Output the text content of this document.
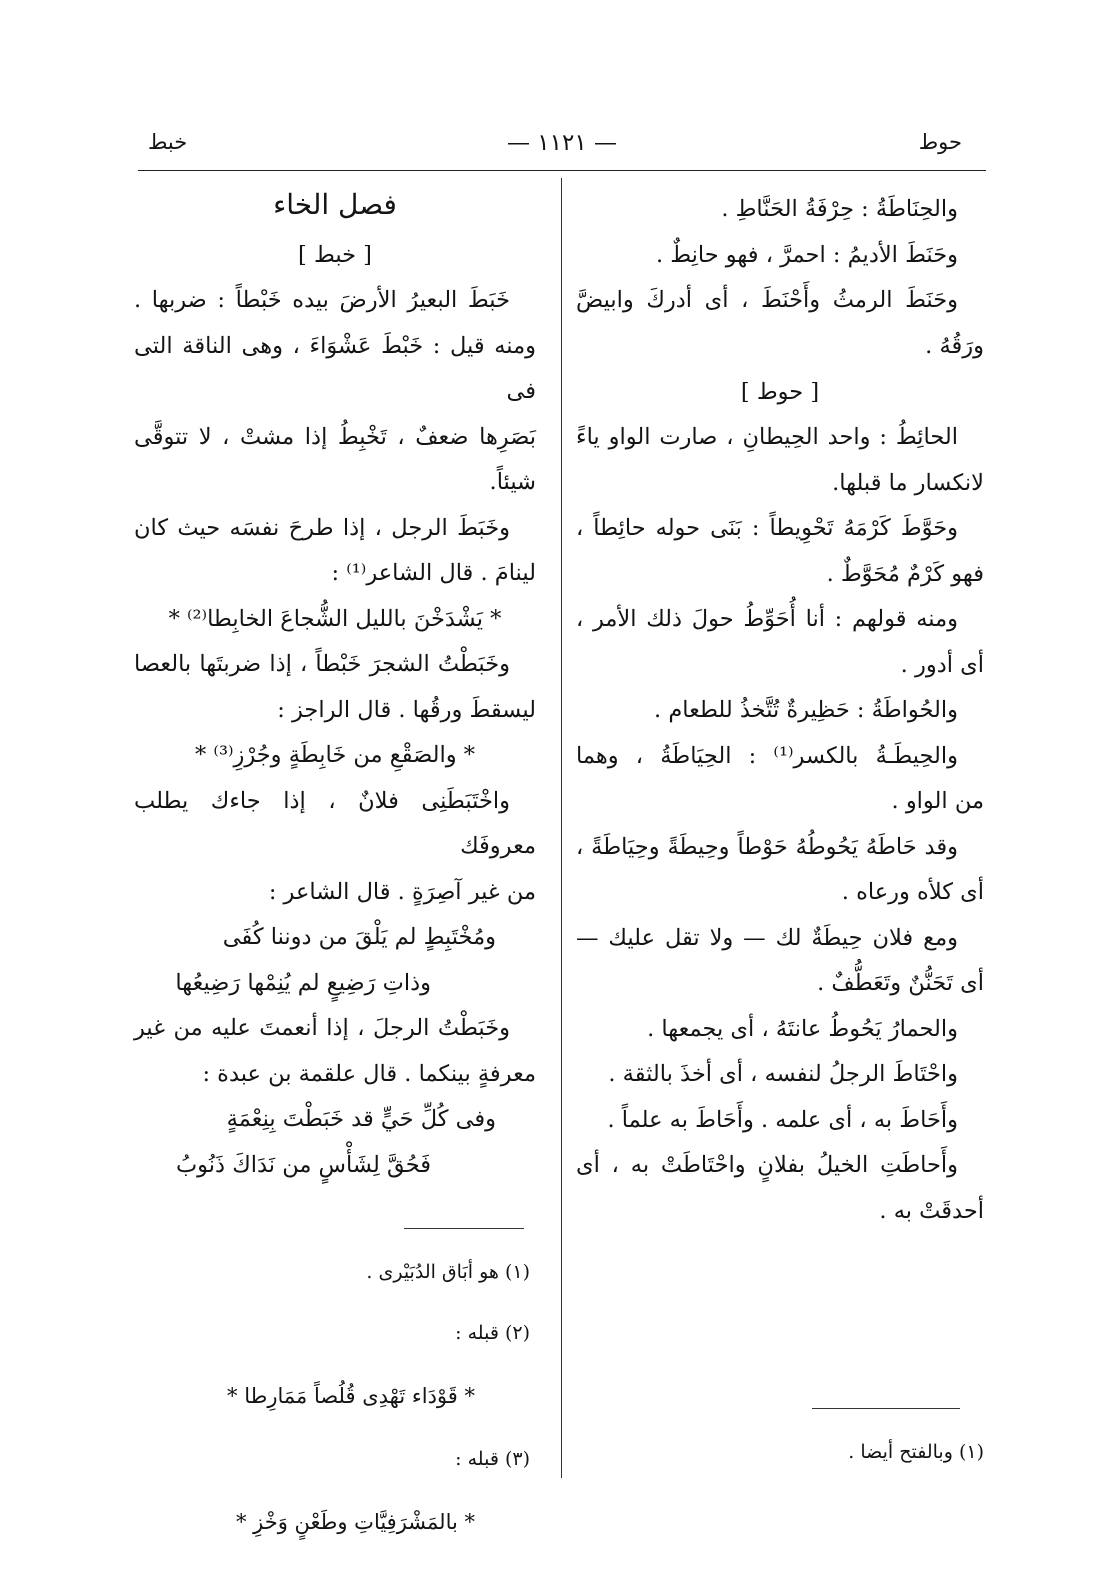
خبط	— ١١٢١ —	حوط

والحِنَاطَةُ : حِرْفَةُ الحَنَّاطِ .

وحَنَطَ الأديمُ : احمرَّ ، فهو حانِطٌ .

وحَنَطَ الرمثُ وأَحْنَطَ ، أى أدركَ وابيضَّ

ورَقُهُ .

[ حوط ]

الحائِطُ : واحد الحِيطانِ ، صارت الواو ياءً

لانكسار ما قبلها.

وحَوَّطَ كَرْمَهُ تَحْوِيطاً : بَنَى حوله حائِطاً ،

فهو كَرْمٌ مُحَوَّطٌ .

ومنه قولهم : أنا أُحَوِّطُ حولَ ذلك الأمر ،

أى أدور .

والحُواطَةُ : حَظِيرةٌ تُتَّخذُ للطعام .

والحِيطَـةُ بالكسر⁽¹⁾ : الحِيَاطَةُ ، وهما

من الواو .

وقد حَاطَهُ يَحُوطُهُ حَوْطاً وحِيطَةً وحِيَاطَةً ،

أى كلأه ورعاه .

ومع فلان حِيطَةٌ لك — ولا تقل عليك —

أى تَحَنُّنٌ وتَعَطُّفٌ .

والحمارُ يَحُوطُ عانتَهُ ، أى يجمعها .

واحْتَاطَ الرجلُ لنفسه ، أى أخذَ بالثقة .

وأَحَاطَ به ، أى علمه . وأَحَاطَ به علماً .

وأَحاطَتِ الخيلُ بفلانٍ واحْتَاطَتْ به ، أى

أحدقَتْ به .

(١) وبالفتح أيضا .

فصل الخاء

[ خبط ]

خَبَطَ البعيرُ الأرضَ بيده خَبْطاً : ضربها .

ومنه قيل : خَبْطَ عَشْوَاءَ ، وهى الناقة التى فى

بَصَرِها ضعفٌ ، تَخْبِطُ إذا مشتْ ، لا تتوقَّى شيئاً.

وخَبَطَ الرجل ، إذا طرحَ نفسَه حيث كان

لينامَ . قال الشاعر⁽¹⁾ :

* يَشْدَخْنَ بالليل الشُّجاعَ الخابِطا⁽²⁾ *

وخَبَطْتُ الشجرَ خَبْطاً ، إذا ضربتَها بالعصا

ليسقطَ ورقُها . قال الراجز :

* والصَقْعِ من خَابِطَةٍ وجُرْزِ⁽³⁾ *

واخْتَبَطَنِى فلانٌ ، إذا جاءك يطلب معروفَك

من غير آصِرَةٍ . قال الشاعر :

ومُخْتَبِطٍ لم يَلْقَ من دوننا كُفَى

وذاتِ رَضِيعٍ لم يُنِمْها رَضِيعُها

وخَبَطْتُ الرجلَ ، إذا أنعمتَ عليه من غير

معرفةٍ بينكما . قال علقمة بن عبدة :

وفى كُلِّ حَيٍّ قد خَبَطْتَ بِنِعْمَةٍ

فَحُقَّ لِشَأْسٍ من نَدَاكَ ذَنُوبُ

(١) هو أبَاق الدُبَيْرى .

(٢) قبله :

* قَوْدَاء تَهْدِى قُلُصاً مَمَارِطا *

(٣) قبله :

* بالمَشْرَفِيَّاتِ وطَعْنٍ وَخْزِ *
